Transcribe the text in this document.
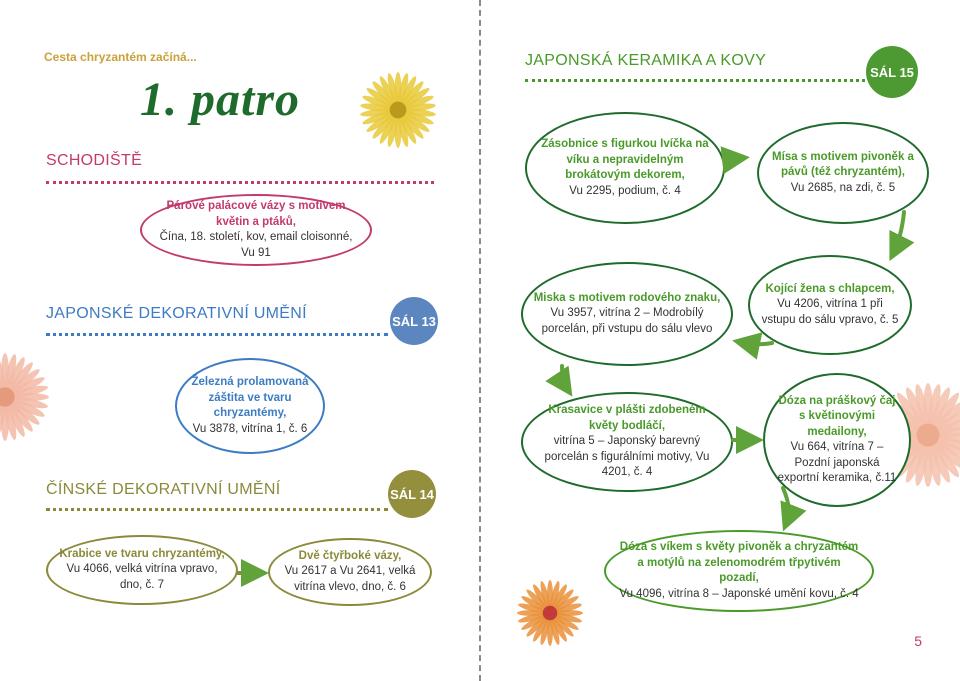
Cesta chryzantém začíná...
1. patro
SCHODIŠTĚ
Párové palácové vázy s motivem květin a ptáků,
Čína, 18. století, kov, email cloisonné, Vu 91
JAPONSKÉ DEKORATIVNÍ UMĚNÍ	SÁL 13
Železná prolamovaná záštita ve tvaru chryzantémy,
Vu 3878, vitrína 1, č. 6
ČÍNSKÉ DEKORATIVNÍ UMĚNÍ	SÁL 14
Krabice ve tvaru chryzantémy, Vu 4066, velká vitrína vpravo, dno, č. 7
Dvě čtyřboké vázy,
Vu 2617 a Vu 2641, velká vitrína vlevo, dno, č. 6
JAPONSKÁ KERAMIKA A KOVY
SÁL 15
Zásobnice s figurkou Ivíčka na víku a nepravidelným brokátovým dekorem,
Vu 2295, podium, č. 4
Mísa s motivem pivoněk a pávů (též chryzantém),
Vu 2685, na zdi, č. 5
Miska s motivem rodového znaku,
Vu 3957, vitrína 2 – Modrobílý porcelán, při vstupu do sálu vlevo
Kojící žena s chlapcem,
Vu 4206, vitrína 1 při vstupu do sálu vpravo, č. 5
Krasavice v plášti zdobeném květy bodláčí,
vitrína 5 – Japonský barevný porcelán s figurálními motivy, Vu 4201, č. 4
Dóza na práškový čaj s květinovými medailony,
Vu 664, vitrína 7 – Pozdní japonská exportní keramika, č.11
Dóza s víkem s květy pivoněk a chryzantém a motýlů na zelenomodrém třpytivém pozadí,
Vu 4096, vitrína 8 – Japonské umění kovu, č. 4
5
